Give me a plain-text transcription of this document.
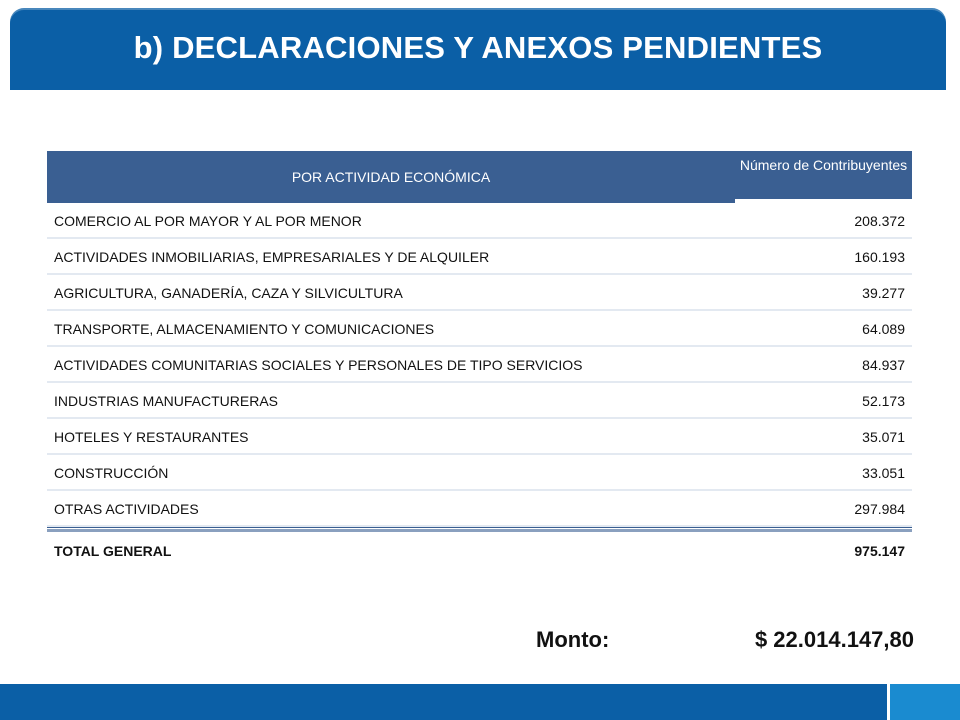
b) DECLARACIONES Y ANEXOS PENDIENTES
POR ACTIVIDAD ECONÓMICA
Número de Contribuyentes
COMERCIO AL POR MAYOR Y AL POR MENOR	208.372
ACTIVIDADES INMOBILIARIAS, EMPRESARIALES Y DE ALQUILER	160.193
AGRICULTURA, GANADERÍA, CAZA Y SILVICULTURA	39.277
TRANSPORTE, ALMACENAMIENTO Y COMUNICACIONES	64.089
ACTIVIDADES COMUNITARIAS SOCIALES Y PERSONALES DE TIPO SERVICIOS	84.937
INDUSTRIAS MANUFACTURERAS	52.173
HOTELES Y RESTAURANTES	35.071
CONSTRUCCIÓN	33.051
OTRAS ACTIVIDADES	297.984
TOTAL GENERAL	975.147
Monto:	$ 22.014.147,80
